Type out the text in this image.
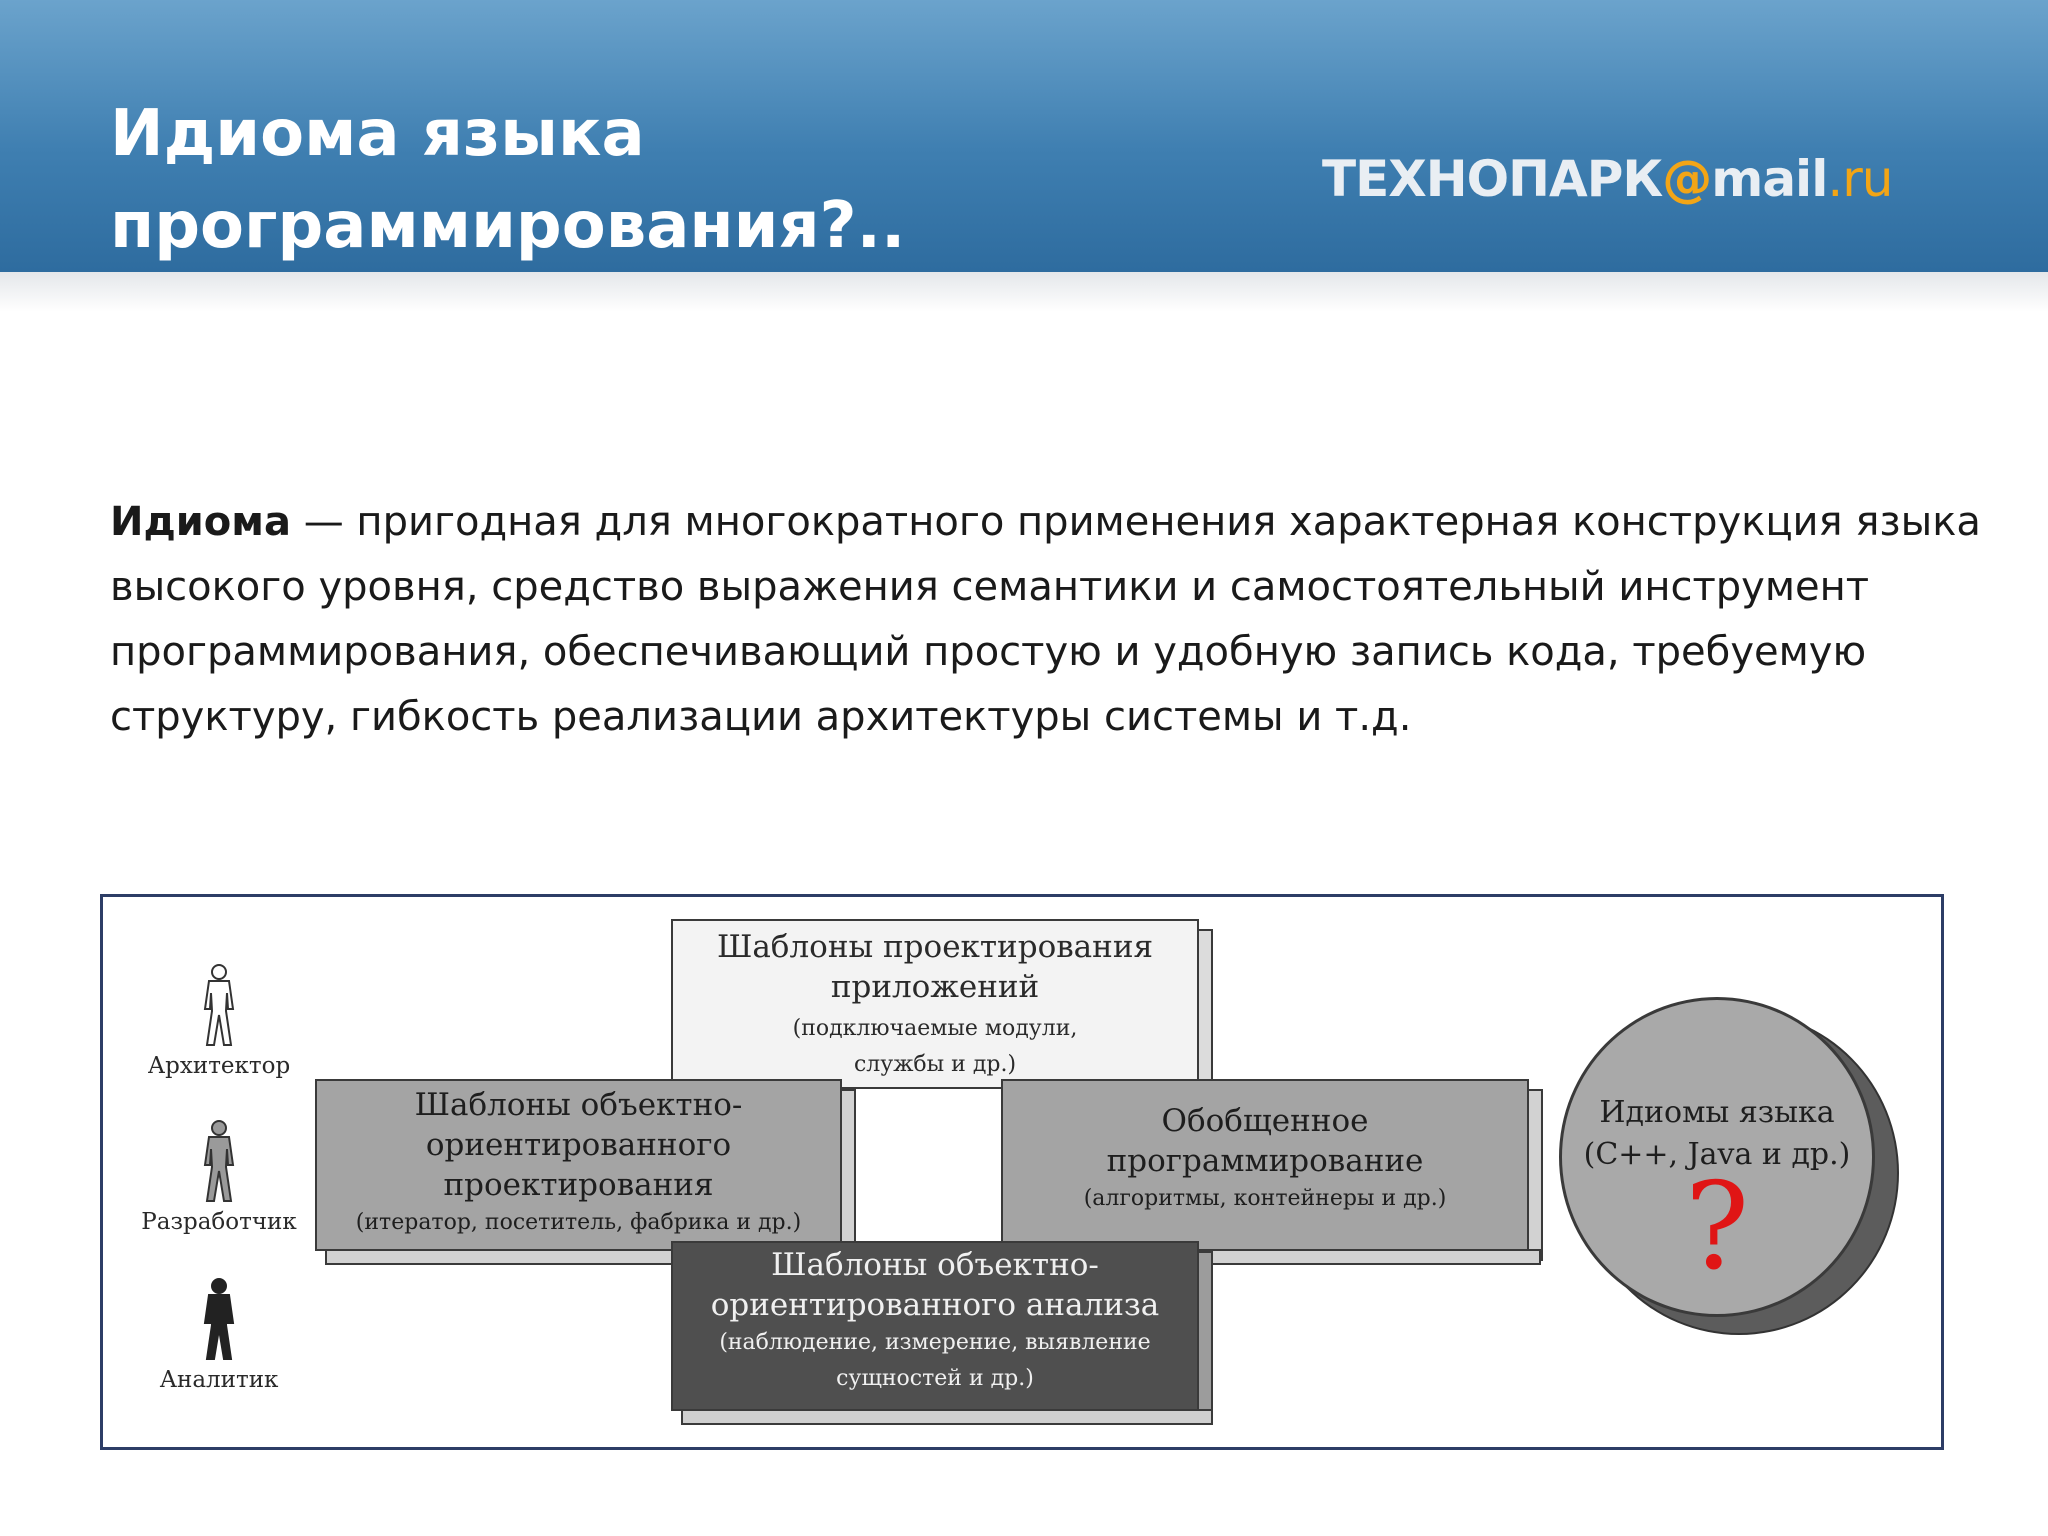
Идиома языка
программирования?..
ТЕХНОПАРК@mail.ru

Идиома — пригодная для многократного применения характерная конструкция языка высокого уровня, средство выражения семантики и самостоятельный инструмент программирования, обеспечивающий простую и удобную запись кода, требуемую структуру, гибкость реализации архитектуры системы и т.д.

Архитектор
Разработчик
Аналитик
Шаблоны проектирования
приложений
(подключаемые модули,
службы и др.)
Шаблоны объектно-
ориентированного
проектирования
(итератор, посетитель, фабрика и др.)
Обобщенное
программирование
(алгоритмы, контейнеры и др.)
Шаблоны объектно-
ориентированного анализа
(наблюдение, измерение, выявление
сущностей и др.)
Идиомы языка
(C++, Java и др.)
?
